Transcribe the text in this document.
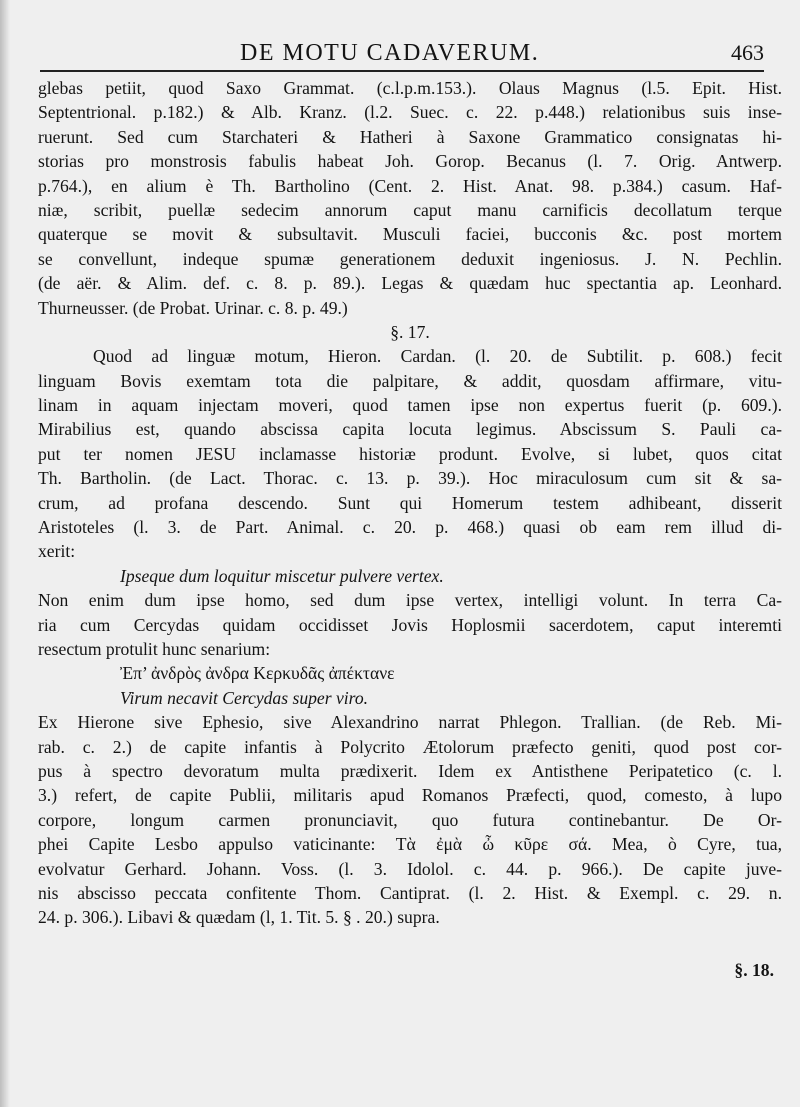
DE MOTU CADAVERUM.	463
glebas petiit, quod Saxo Grammat. (c.l.p.m.153.). Olaus Magnus (l.5. Epit. Hist.
Septentrional. p.182.) & Alb. Kranz. (l.2. Suec. c. 22. p.448.) relationibus suis inse-
ruerunt. Sed cum Starchateri & Hatheri à Saxone Grammatico consignatas hi-
storias pro monstrosis fabulis habeat Joh. Gorop. Becanus (l. 7. Orig. Antwerp.
p.764.), en alium è Th. Bartholino (Cent. 2. Hist. Anat. 98. p.384.) casum. Haf-
niæ, scribit, puellæ sedecim annorum caput manu carnificis decollatum terque
quaterque se movit & subsultavit. Musculi faciei, bucconis &c. post mortem
se convellunt, indeque spumæ generationem deduxit ingeniosus. J. N. Pechlin.
(de aër. & Alim. def. c. 8. p. 89.). Legas & quædam huc spectantia ap. Leonhard.
Thurneusser. (de Probat. Urinar. c. 8. p. 49.)
§. 17.
Quod ad linguæ motum, Hieron. Cardan. (l. 20. de Subtilit. p. 608.) fecit
linguam Bovis exemtam tota die palpitare, & addit, quosdam affirmare, vitu-
linam in aquam injectam moveri, quod tamen ipse non expertus fuerit (p. 609.).
Mirabilius est, quando abscissa capita locuta legimus. Abscissum S. Pauli ca-
put ter nomen JESU inclamasse historiæ produnt. Evolve, si lubet, quos citat
Th. Bartholin. (de Lact. Thorac. c. 13. p. 39.). Hoc miraculosum cum sit & sa-
crum, ad profana descendo. Sunt qui Homerum testem adhibeant, disserit
Aristoteles (l. 3. de Part. Animal. c. 20. p. 468.) quasi ob eam rem illud di-
xerit:
Ipseque dum loquitur miscetur pulvere vertex.
Non enim dum ipse homo, sed dum ipse vertex, intelligi volunt. In terra Ca-
ria cum Cercydas quidam occidisset Jovis Hoplosmii sacerdotem, caput interemti
resectum protulit hunc senarium:
Ἐπ’ ἀνδρὸς ἀνδρα Κερκυδᾶς ἀπέκτανε
Virum necavit Cercydas super viro.
Ex Hierone sive Ephesio, sive Alexandrino narrat Phlegon. Trallian. (de Reb. Mi-
rab. c. 2.) de capite infantis à Polycrito Ætolorum præfecto geniti, quod post cor-
pus à spectro devoratum multa prædixerit. Idem ex Antisthene Peripatetico (c. l.
3.) refert, de capite Publii, militaris apud Romanos Præfecti, quod, comesto, à lupo
corpore, longum carmen pronunciavit, quo futura continebantur. De Or-
phei Capite Lesbo appulso vaticinante: Τὰ ἐμὰ ὦ κῦρε σά. Mea, ò Cyre, tua,
evolvatur Gerhard. Johann. Voss. (l. 3. Idolol. c. 44. p. 966.). De capite juve-
nis abscisso peccata confitente Thom. Cantiprat. (l. 2. Hist. & Exempl. c. 29. n.
24. p. 306.). Libavi & quædam (l, 1. Tit. 5. § . 20.) supra.
§. 18.
